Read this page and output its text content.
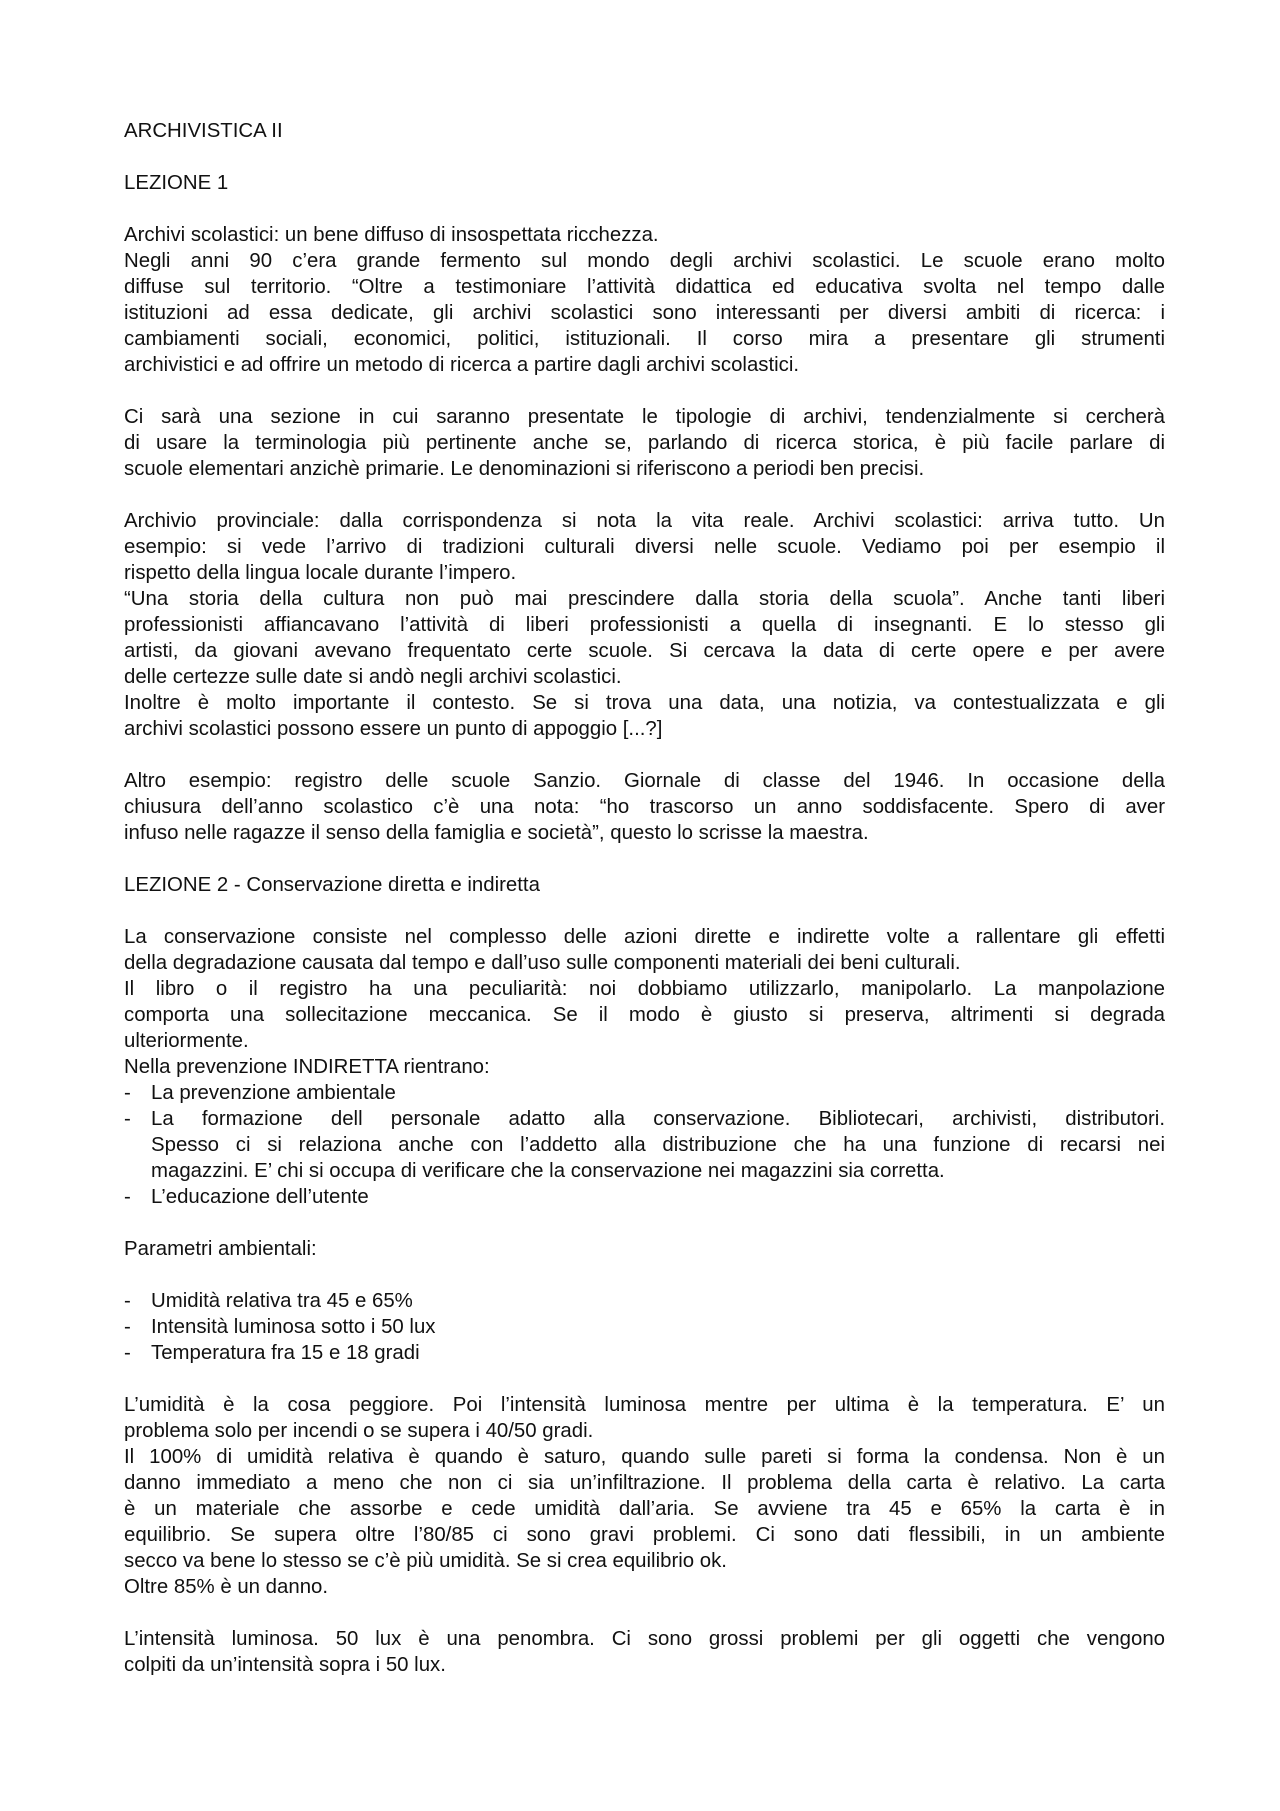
ARCHIVISTICA II

LEZIONE 1

Archivi scolastici: un bene diffuso di insospettata ricchezza.

Negli anni 90 c’era grande fermento sul mondo degli archivi scolastici. Le scuole erano molto

diffuse sul territorio. “Oltre a testimoniare l’attività didattica ed educativa svolta nel tempo dalle

istituzioni ad essa dedicate, gli archivi scolastici sono interessanti per diversi ambiti di ricerca: i

cambiamenti sociali, economici, politici, istituzionali. Il corso mira a presentare gli strumenti

archivistici e ad offrire un metodo di ricerca a partire dagli archivi scolastici.

Ci sarà una sezione in cui saranno presentate le tipologie di archivi, tendenzialmente si cercherà

di usare la terminologia più pertinente anche se, parlando di ricerca storica, è più facile parlare di

scuole elementari anzichè primarie. Le denominazioni si riferiscono a periodi ben precisi.

Archivio provinciale: dalla corrispondenza si nota la vita reale. Archivi scolastici: arriva tutto. Un

esempio: si vede l’arrivo di tradizioni culturali diversi nelle scuole. Vediamo poi per esempio il

rispetto della lingua locale durante l’impero.

“Una storia della cultura non può mai prescindere dalla storia della scuola”. Anche tanti liberi

professionisti affiancavano l’attività di liberi professionisti a quella di insegnanti. E lo stesso gli

artisti, da giovani avevano frequentato certe scuole. Si cercava la data di certe opere e per avere

delle certezze sulle date si andò negli archivi scolastici.

Inoltre è molto importante il contesto. Se si trova una data, una notizia, va contestualizzata e gli

archivi scolastici possono essere un punto di appoggio [...?]

Altro esempio: registro delle scuole Sanzio. Giornale di classe del 1946. In occasione della

chiusura dell’anno scolastico c’è una nota: “ho trascorso un anno soddisfacente. Spero di aver

infuso nelle ragazze il senso della famiglia e società”, questo lo scrisse la maestra.

LEZIONE 2 - Conservazione diretta e indiretta

La conservazione consiste nel complesso delle azioni dirette e indirette volte a rallentare gli effetti

della degradazione causata dal tempo e dall’uso sulle componenti materiali dei beni culturali.

Il libro o il registro ha una peculiarità: noi dobbiamo utilizzarlo, manipolarlo. La manpolazione

comporta una sollecitazione meccanica. Se il modo è giusto si preserva, altrimenti si degrada

ulteriormente.

Nella prevenzione INDIRETTA rientrano:

- La prevenzione ambientale
- La formazione dell personale adatto alla conservazione. Bibliotecari, archivisti, distributori.

Spesso ci si relaziona anche con l’addetto alla distribuzione che ha una funzione di recarsi nei

magazzini. E’ chi si occupa di verificare che la conservazione nei magazzini sia corretta.

- L’educazione dell’utente

Parametri ambientali:

- Umidità relativa tra 45 e 65%
- Intensità luminosa sotto i 50 lux
- Temperatura fra 15 e 18 gradi

L’umidità è la cosa peggiore. Poi l’intensità luminosa mentre per ultima è la temperatura. E’ un

problema solo per incendi o se supera i 40/50 gradi.

Il 100% di umidità relativa è quando è saturo, quando sulle pareti si forma la condensa. Non è un

danno immediato a meno che non ci sia un’infiltrazione. Il problema della carta è relativo. La carta

è un materiale che assorbe e cede umidità dall’aria. Se avviene tra 45 e 65% la carta è in

equilibrio. Se supera oltre l’80/85 ci sono gravi problemi. Ci sono dati flessibili, in un ambiente

secco va bene lo stesso se c’è più umidità. Se si crea equilibrio ok.

Oltre 85% è un danno.

L’intensità luminosa. 50 lux è una penombra. Ci sono grossi problemi per gli oggetti che vengono

colpiti da un’intensità sopra i 50 lux.
